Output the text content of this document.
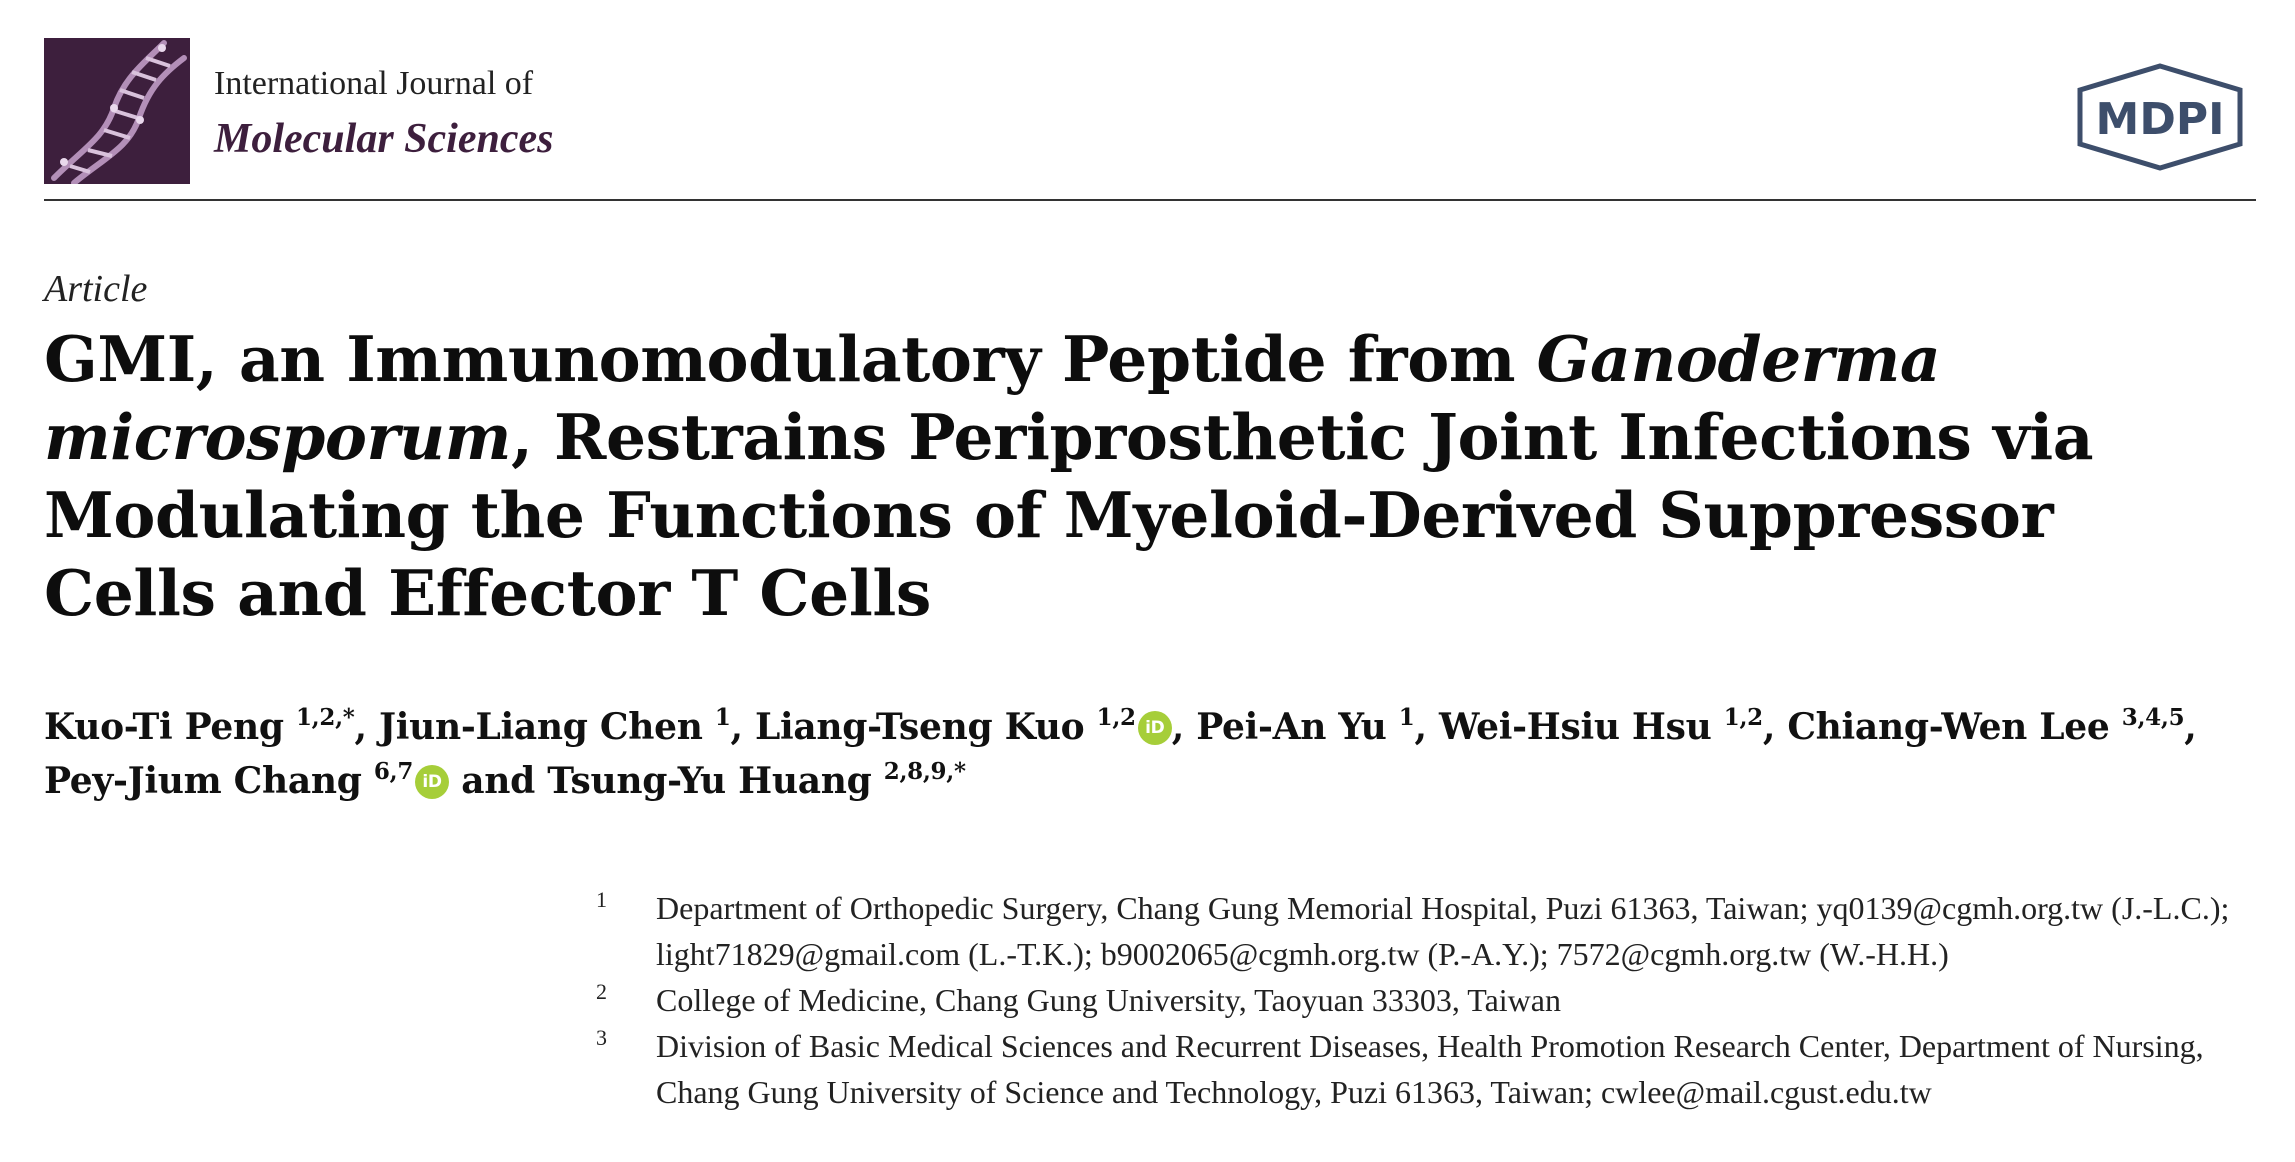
International Journal of
Molecular Sciences	MDPI
Article
GMI, an Immunomodulatory Peptide from Ganoderma microsporum, Restrains Periprosthetic Joint Infections via Modulating the Functions of Myeloid-Derived Suppressor Cells and Effector T Cells
Kuo-Ti Peng $^{1,2,*}$, Jiun-Liang Chen $^1$, Liang-Tseng Kuo $^{1,2}$ iD , Pei-An Yu $^1$, Wei-Hsiu Hsu $^{1,2}$, Chiang-Wen Lee $^{3,4,5}$, Pey-Jium Chang $^{6,7}$ iD and Tsung-Yu Huang $^{2,8,9,*}$
1 Department of Orthopedic Surgery, Chang Gung Memorial Hospital, Puzi 61363, Taiwan; yq0139@cgmh.org.tw (J.-L.C.); light71829@gmail.com (L.-T.K.); b9002065@cgmh.org.tw (P.-A.Y.); 7572@cgmh.org.tw (W.-H.H.)
2 College of Medicine, Chang Gung University, Taoyuan 33303, Taiwan
3 Division of Basic Medical Sciences and Recurrent Diseases, Health Promotion Research Center, Department of Nursing, Chang Gung University of Science and Technology, Puzi 61363, Taiwan; cwlee@mail.cgust.edu.tw
